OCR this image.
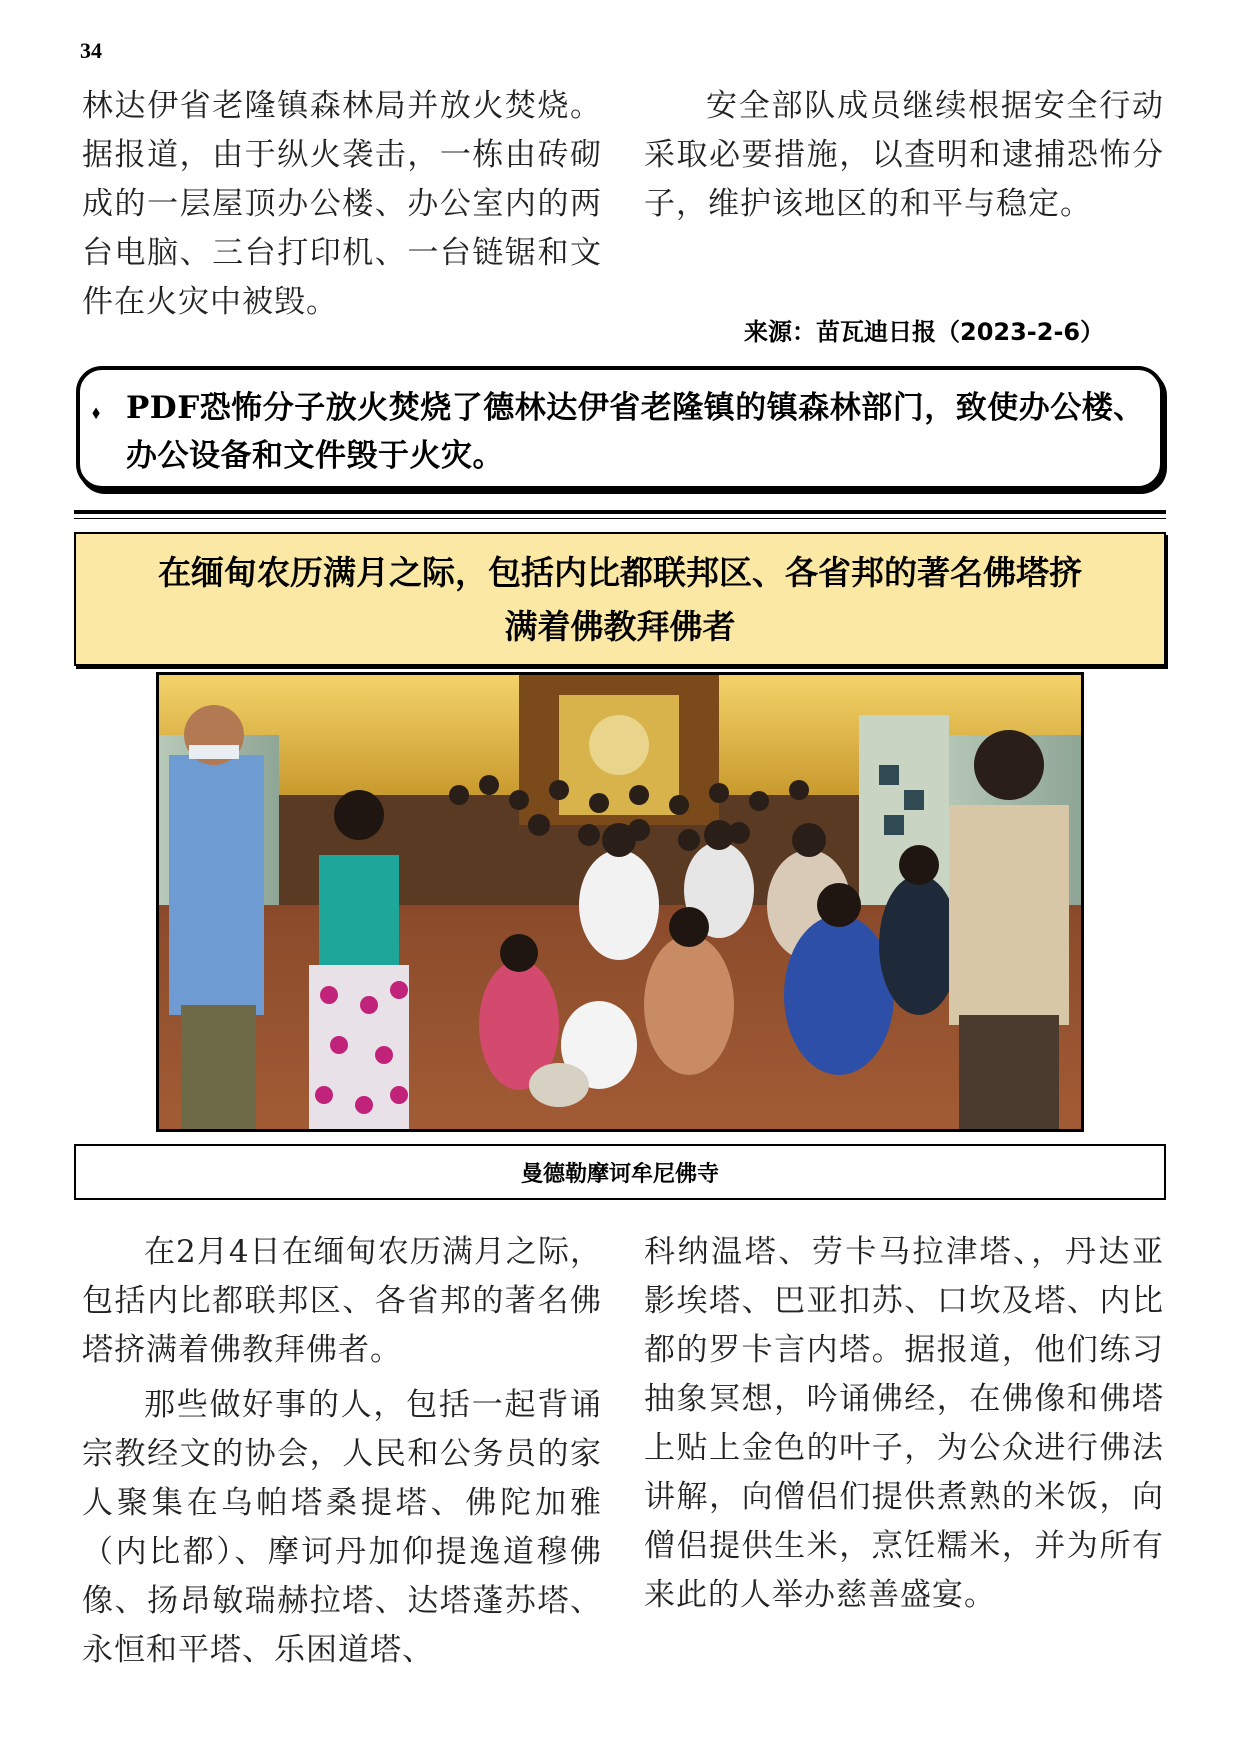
34

林达伊省老隆镇森林局并放火焚烧。据报道，由于纵火袭击，一栋由砖砌成的一层屋顶办公楼、办公室内的两台电脑、三台打印机、一台链锯和文件在火灾中被毁。

安全部队成员继续根据安全行动采取必要措施，以查明和逮捕恐怖分子，维护该地区的和平与稳定。

来源：苗瓦迪日报（2023-2-6）
⬧ PDF恐怖分子放火焚烧了德林达伊省老隆镇的镇森林部门，致使办公楼、办公设备和文件毁于火灾。
在缅甸农历满月之际，包括内比都联邦区、各省邦的著名佛塔挤
满着佛教拜佛者
曼德勒摩诃牟尼佛寺

在2月4日在缅甸农历满月之际，包括内比都联邦区、各省邦的著名佛塔挤满着佛教拜佛者。

那些做好事的人，包括一起背诵宗教经文的协会，人民和公务员的家人聚集在乌帕塔桑提塔、佛陀加雅（内比都）、摩诃丹加仰提逸道穆佛像、扬昂敏瑞赫拉塔、达塔蓬苏塔、永恒和平塔、乐困道塔、

科纳温塔、劳卡马拉津塔、，丹达亚影埃塔、巴亚扣苏、口坎及塔、内比都的罗卡言内塔。据报道，他们练习抽象冥想，吟诵佛经，在佛像和佛塔上贴上金色的叶子，为公众进行佛法讲解，向僧侣们提供煮熟的米饭，向僧侣提供生米，烹饪糯米，并为所有来此的人举办慈善盛宴。
